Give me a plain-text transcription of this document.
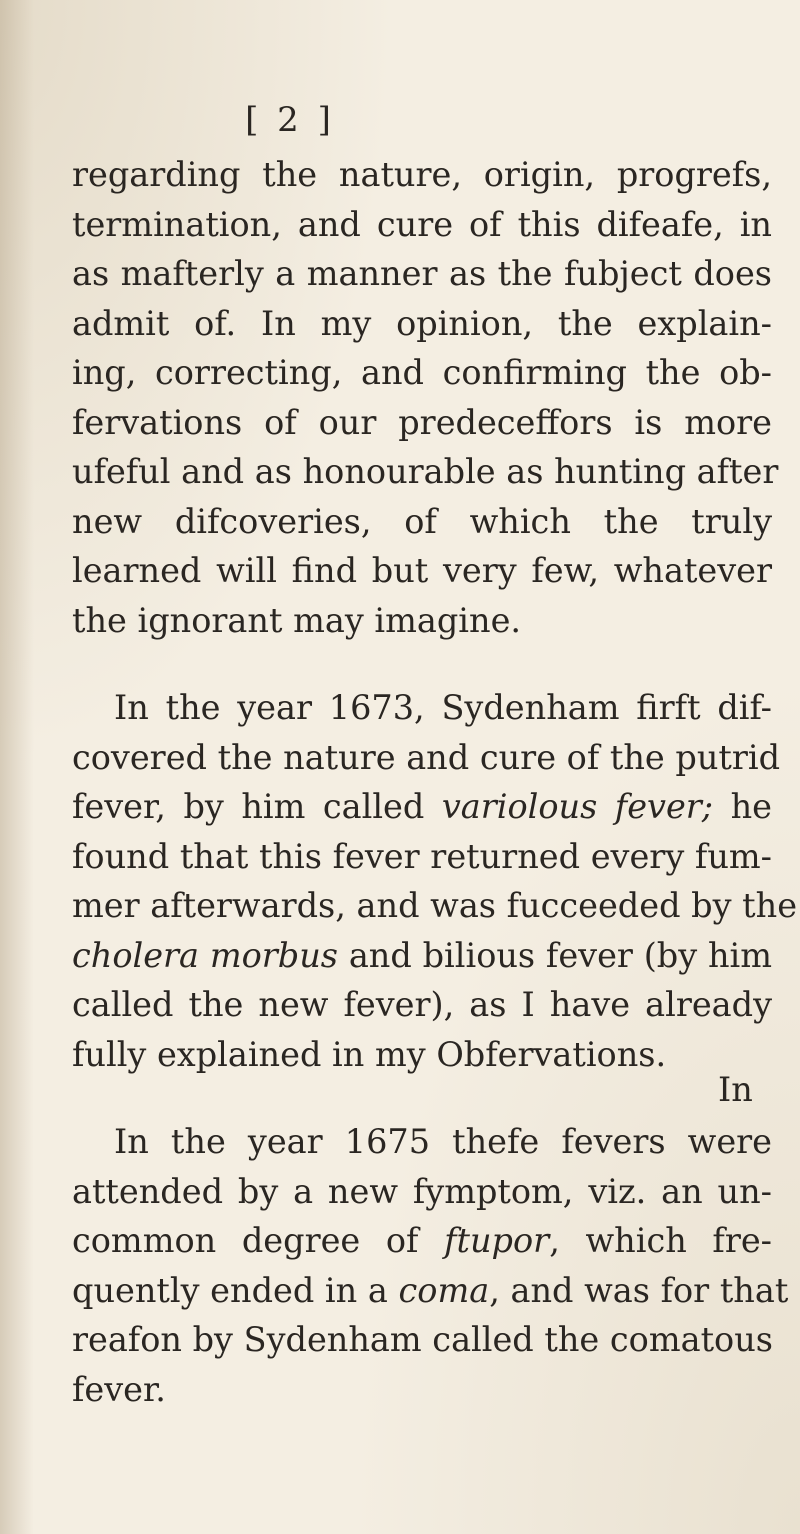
[ 2 ]
regarding the nature, origin, progrefs,
termination, and cure of this difeafe, in
as mafterly a manner as the fubject does
admit of. In my opinion, the explain-
ing, correcting, and confirming the ob-
fervations of our predeceffors is more
ufeful and as honourable as hunting after
new difcoveries, of which the truly
learned will find but very few, whatever
the ignorant may imagine.
In the year 1673, Sydenham firft dif-
covered the nature and cure of the putrid
fever, by him called variolous fever; he
found that this fever returned every fum-
mer afterwards, and was fucceeded by the
cholera morbus and bilious fever (by him
called the new fever), as I have already
fully explained in my Obfervations.
In the year 1675 thefe fevers were
attended by a new fymptom, viz. an un-
common degree of ftupor, which fre-
quently ended in a coma, and was for that
reafon by Sydenham called the comatous
fever.
In
